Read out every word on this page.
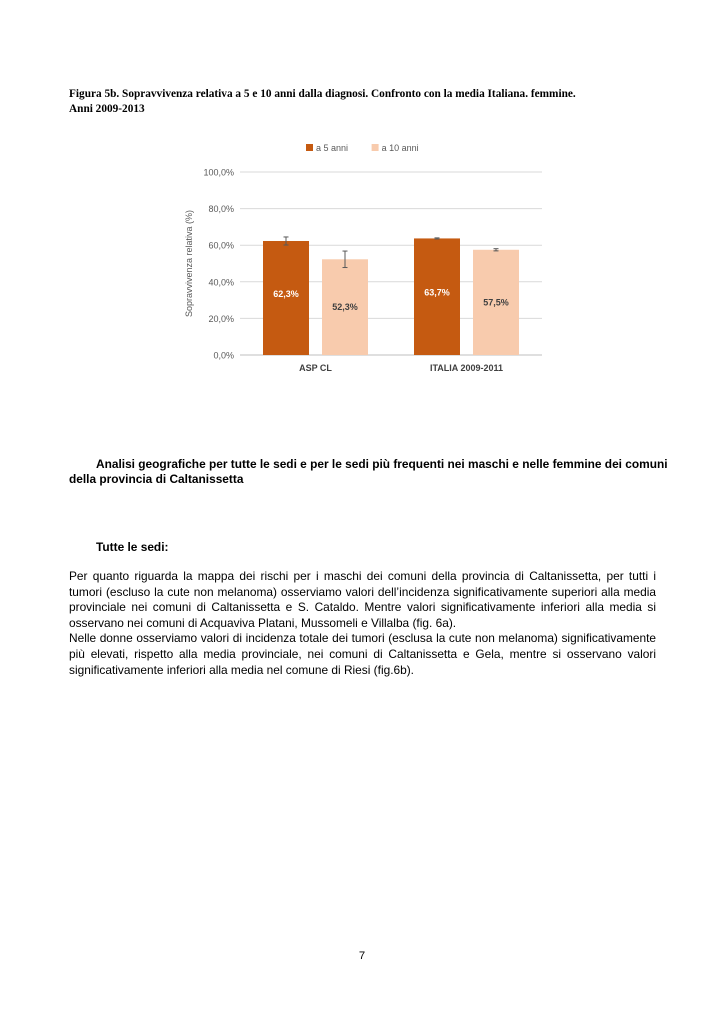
Figura 5b. Sopravvivenza relativa a 5 e 10 anni dalla diagnosi. Confronto con la media Italiana. femmine.
Anni 2009-2013
0,0%
20,0%
40,0%
60,0%
80,0%
100,0%
Sopravvivenza relativa (%)
a 5 anni	a 10 anni
62,3%
52,3%
ASP CL
63,7%
57,5%
ITALIA 2009-2011
Analisi geografiche per tutte le sedi e per le sedi più frequenti nei maschi e nelle femmine dei comuni della provincia di Caltanissetta
Tutte le sedi:

Per quanto riguarda la mappa dei rischi per i maschi dei comuni della provincia di Caltanissetta, per tutti i tumori (escluso la cute non melanoma) osserviamo valori dell’incidenza significativamente superiori alla media provinciale nei comuni di Caltanissetta e S. Cataldo. Mentre valori significativamente inferiori alla media si osservano nei comuni di Acquaviva Platani, Mussomeli e Villalba (fig. 6a).

Nelle donne osserviamo valori di incidenza totale dei tumori (esclusa la cute non melanoma) significativamente più elevati, rispetto alla media provinciale, nei comuni di Caltanissetta e Gela, mentre si osservano valori significativamente inferiori alla media nel comune di Riesi (fig.6b).

7
